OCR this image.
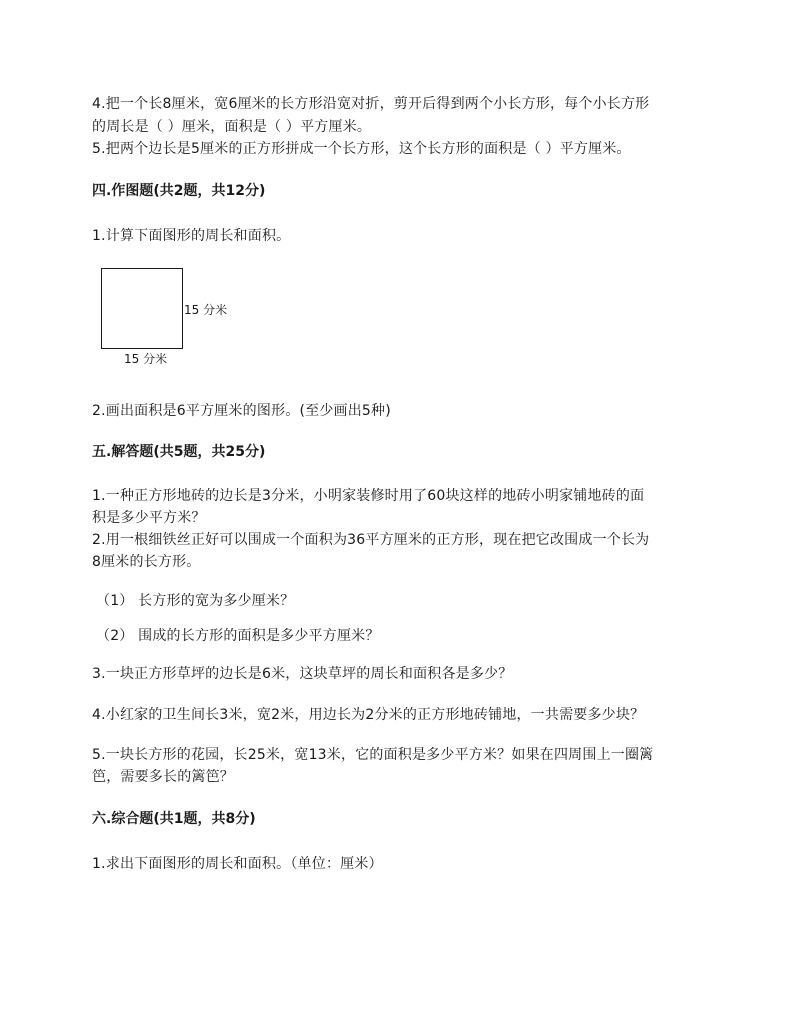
4.把一个长8厘米，宽6厘米的长方形沿宽对折，剪开后得到两个小长方形，每个小长方形
的周长是（ ）厘米，面积是（ ）平方厘米。
5.把两个边长是5厘米的正方形拼成一个长方形，这个长方形的面积是（ ）平方厘米。
四.作图题(共2题，共12分)
1.计算下面图形的周长和面积。
15 分米
15 分米
2.画出面积是6平方厘米的图形。(至少画出5种)
五.解答题(共5题，共25分)
1.一种正方形地砖的边长是3分米，小明家装修时用了60块这样的地砖小明家铺地砖的面
积是多少平方米？
2.用一根细铁丝正好可以围成一个面积为36平方厘米的正方形，现在把它改围成一个长为
8厘米的长方形。
（1） 长方形的宽为多少厘米？
（2） 围成的长方形的面积是多少平方厘米？
3.一块正方形草坪的边长是6米，这块草坪的周长和面积各是多少？
4.小红家的卫生间长3米，宽2米，用边长为2分米的正方形地砖铺地，一共需要多少块？
5.一块长方形的花园，长25米，宽13米，它的面积是多少平方米？如果在四周围上一圈篱
笆，需要多长的篱笆？
六.综合题(共1题，共8分)
1.求出下面图形的周长和面积。（单位：厘米）
